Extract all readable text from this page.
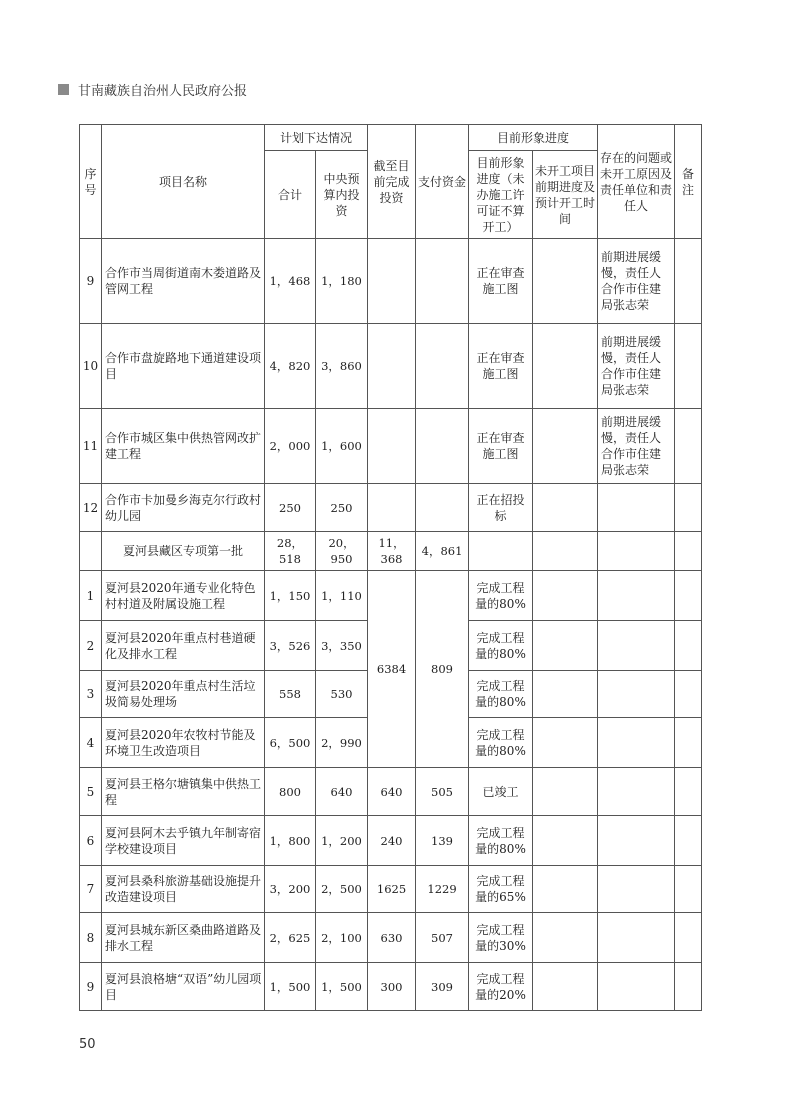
甘南藏族自治州人民政府公报
序号	项目名称	计划下达情况		截至目前完成投资	支付资金	目前形象进度		存在的问题或未开工原因及责任单位和责任人	备注
		合计	中央预算内投资			目前形象进度（未办施工许可证不算开工）	未开工项目前期进度及预计开工时间		
9	合作市当周街道南木娄道路及管网工程	1，468	1，180			正在审查施工图		前期进展缓慢，责任人合作市住建局张志荣	
10	合作市盘旋路地下通道建设项目	4，820	3，860			正在审查施工图		前期进展缓慢，责任人合作市住建局张志荣	
11	合作市城区集中供热管网改扩建工程	2，000	1，600			正在审查施工图		前期进展缓慢，责任人合作市住建局张志荣	
12	合作市卡加曼乡海克尔行政村幼儿园	250	250			正在招投标			
	夏河县藏区专项第一批	28，518	20，950	11，368	4，861				
1	夏河县2020年通专业化特色村村道及附属设施工程	1，150	1，110	6384	809	完成工程量的80%			
2	夏河县2020年重点村巷道硬化及排水工程	3，526	3，350			完成工程量的80%			
3	夏河县2020年重点村生活垃圾简易处理场	558	530			完成工程量的80%			
4	夏河县2020年农牧村节能及环境卫生改造项目	6，500	2，990			完成工程量的80%			
5	夏河县王格尔塘镇集中供热工程	800	640	640	505	已竣工			
6	夏河县阿木去乎镇九年制寄宿学校建设项目	1，800	1，200	240	139	完成工程量的80%			
7	夏河县桑科旅游基础设施提升改造建设项目	3，200	2，500	1625	1229	完成工程量的65%			
8	夏河县城东新区桑曲路道路及排水工程	2，625	2，100	630	507	完成工程量的30%			
9	夏河县浪格塘“双语”幼儿园项目	1，500	1，500	300	309	完成工程量的20%			
50
